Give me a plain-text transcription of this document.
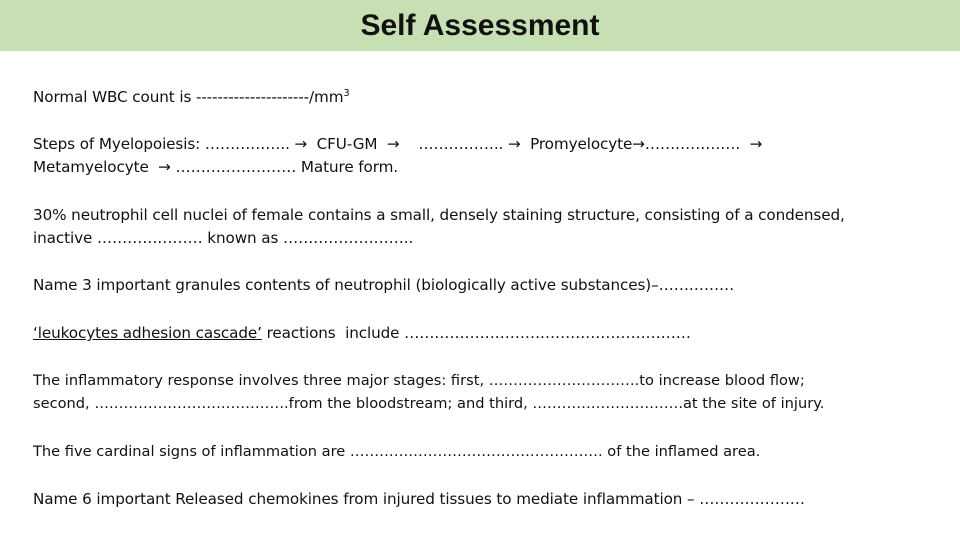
Self Assessment

Normal WBC count is $---------------------/mm^3$

Steps of Myelopoiesis: …………….. →  CFU-GM  →    …………….. →  Promyelocyte→……………….  →
Metamyelocyte  → …………………… Mature form.

30% neutrophil cell nuclei of female contains a small, densely staining structure, consisting of a condensed,
inactive ………………… known as ……………………..

Name 3 important granules contents of neutrophil (biologically active substances)–……………

‘leukocytes adhesion cascade’ reactions  include …………………………………………………

The inflammatory response involves three major stages: first, ………………………….to increase blood flow;
second, ………………………………….from the bloodstream; and third, ………………………….at the site of injury.

The five cardinal signs of inflammation are ……………………………………………. of the inflamed area.

Name 6 important Released chemokines from injured tissues to mediate inflammation – …………………
